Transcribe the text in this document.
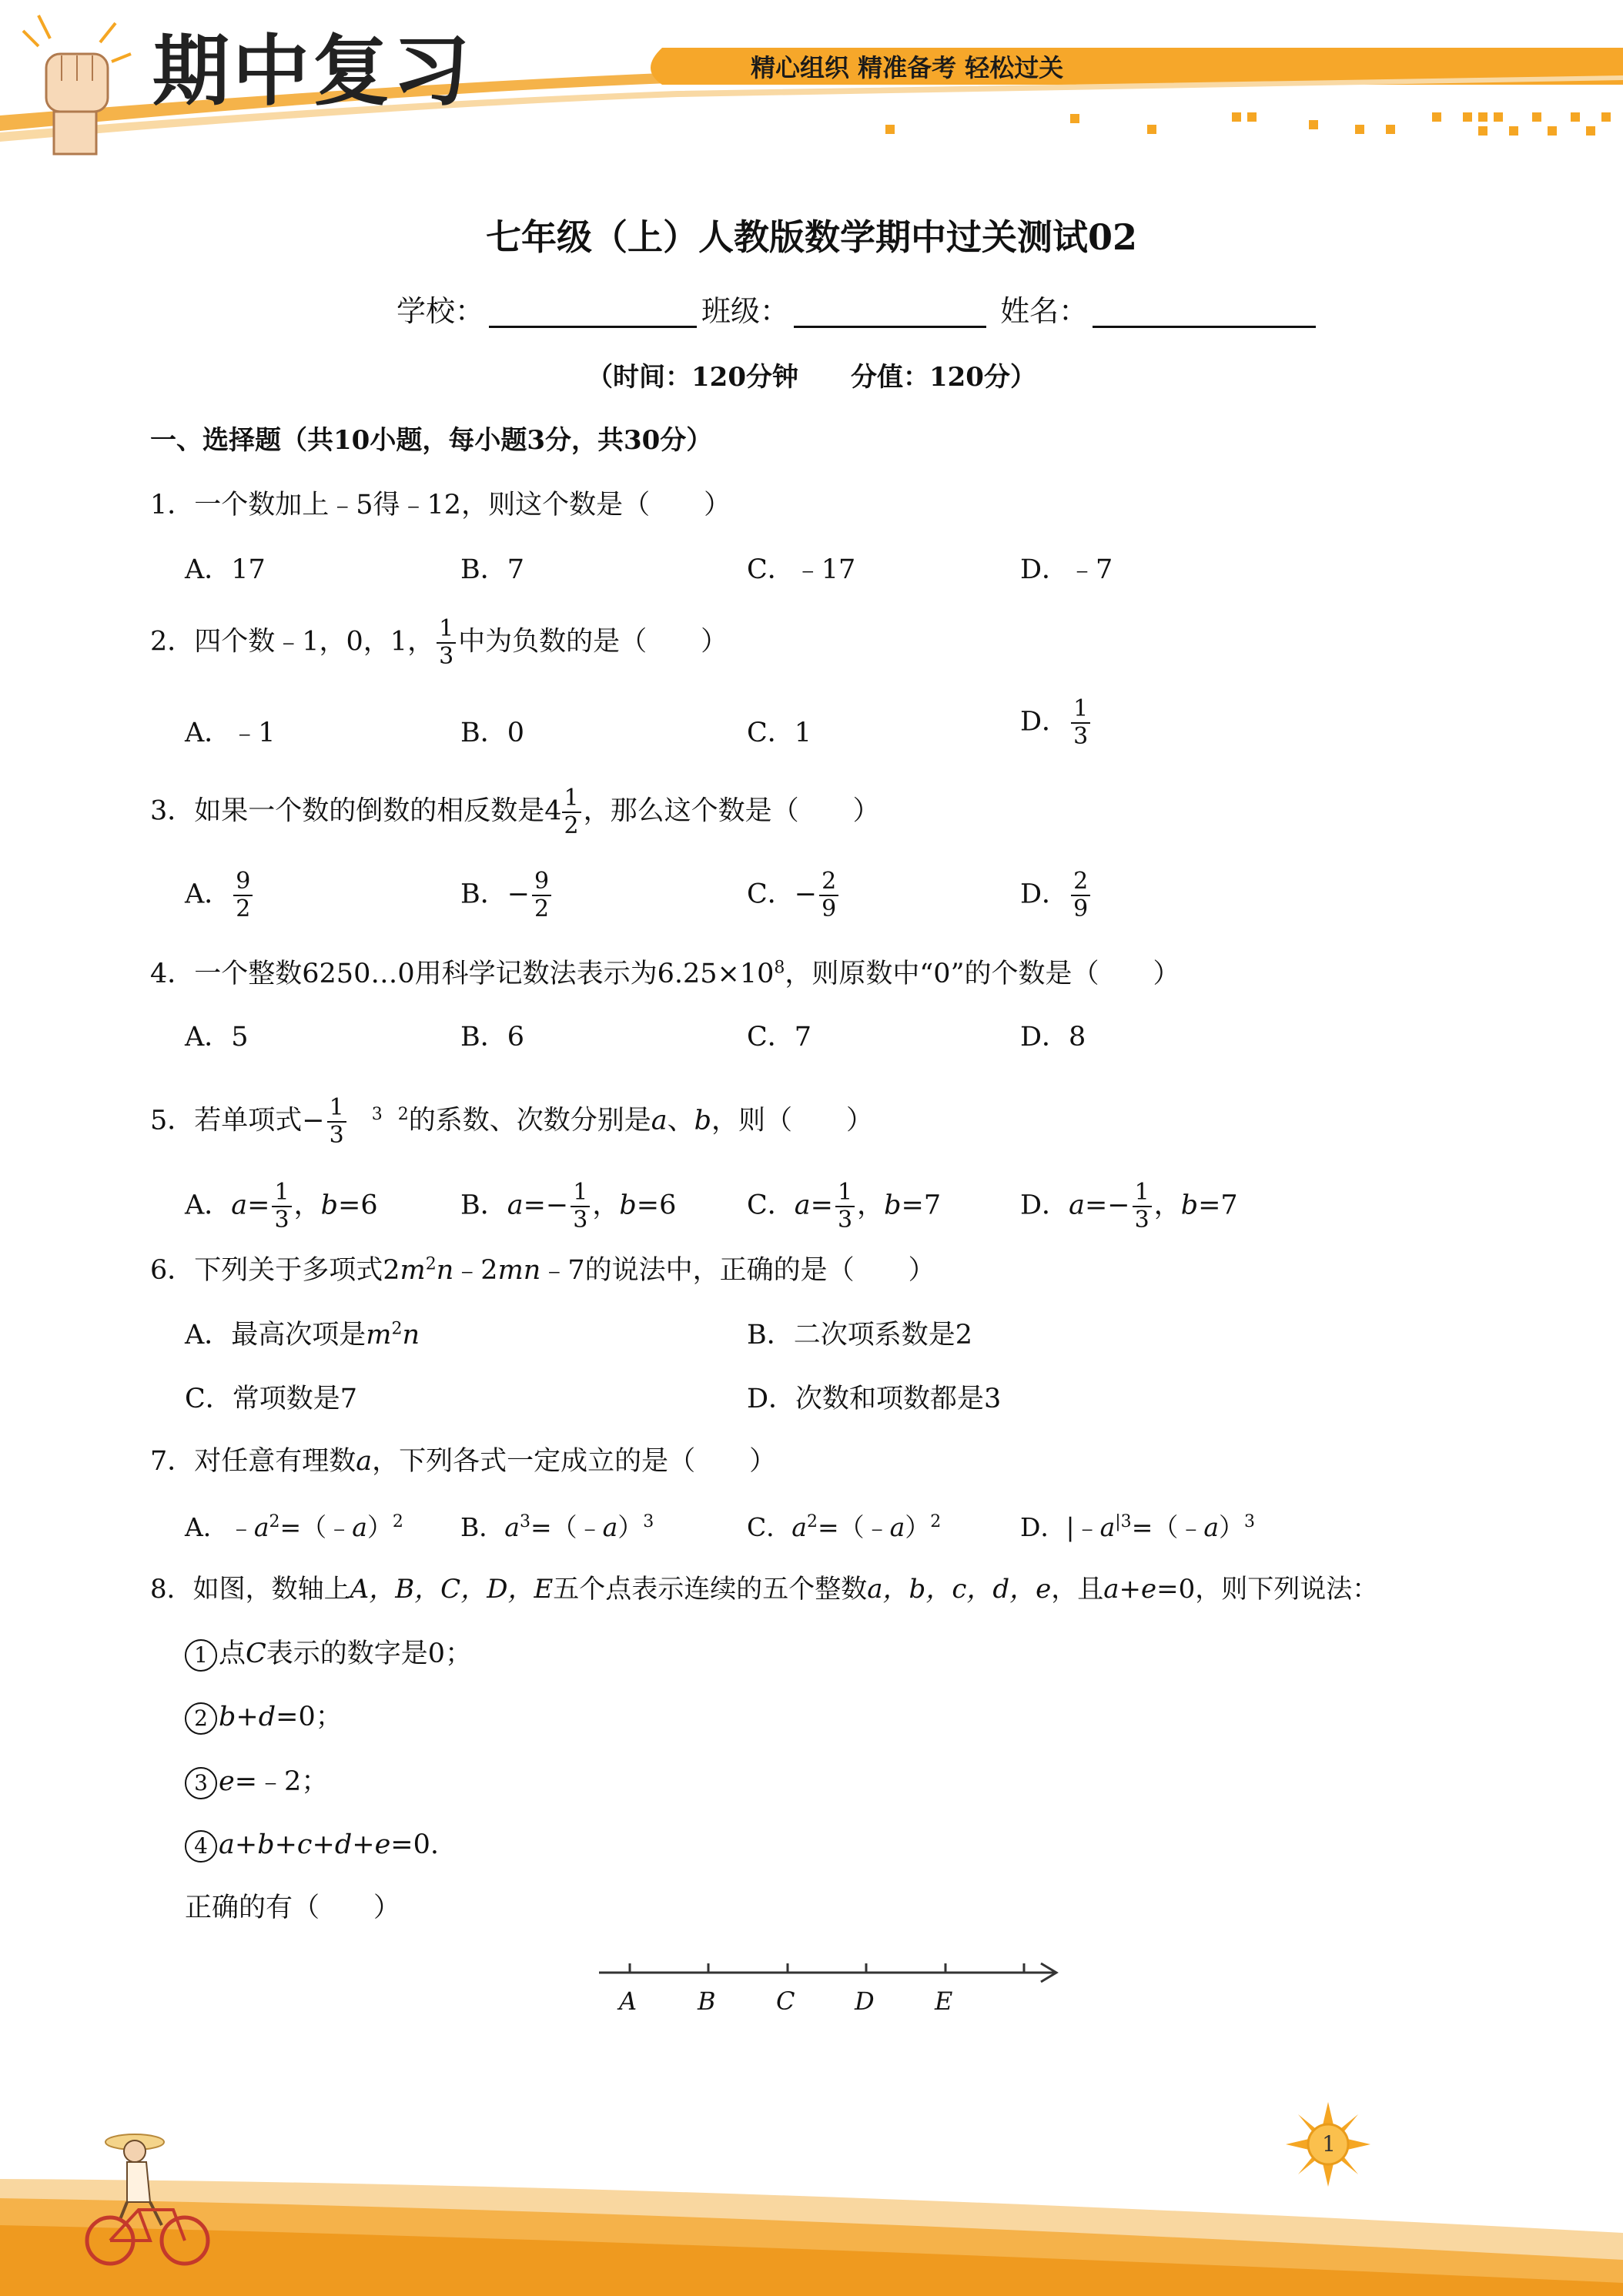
期中复习	精心组织 精准备考 轻松过关
七年级（上）人教版数学期中过关测试02
学校：	班级：	姓名：
（时间：120分钟　　分值：120分）
一、选择题（共10小题，每小题3分，共30分）
1．一个数加上﹣5得﹣12，则这个数是（　　）
A．17	B．7	C．﹣17	D．﹣7
2．四个数﹣1，0，1， $\frac{1}{3}$ 中为负数的是（　　）
A．﹣1	B．0	C．1	D． $\frac{1}{3}$
3．如果一个数的倒数的相反数是$4 \frac{1}{2}$ ，那么这个数是（　　）
A． $\frac{9}{2}$	B．− $\frac{9}{2}$	C．− $\frac{2}{9}$	D． $\frac{2}{9}$
4．一个整数6250…0用科学记数法表示为$6.25\times 10^8$，则原数中“0”的个数是（　　）
A．5	B．6	C．7	D．8
5．若单项式− $\frac{1}{3} ^3$ $^2$的系数、次数分别是a、b，则（　　）
A．$a= \frac{1}{3}$ ，b=6	B．$a=- \frac{1}{3}$ ，b=6	C．$a= \frac{1}{3}$ ，b=7	D．$a=- \frac{1}{3}$ ，b=7
6．下列关于多项式$2m^2n﹣2mn﹣7$的说法中，正确的是（　　）
A．最高次项是$m^2n$	B．二次项系数是2
C．常项数是7	D．次数和项数都是3
7．对任意有理数a，下列各式一定成立的是（　　）
A．$﹣a^2=(﹣a)^2$ B．$a^3=(﹣a)^3$	C．$a^2=(﹣a)^2$	D．$|﹣a^{|3}=(﹣a)^3$
8．如图，数轴上A，B，C，D，E五个点表示连续的五个整数a，b，c，d，e，且a+e=0，则下列说法：
1 点C表示的数字是0；
2 b+d=0；
3 e=﹣2；
4 a+b+c+d+e=0.
正确的有（　　）
A B C D E
1
